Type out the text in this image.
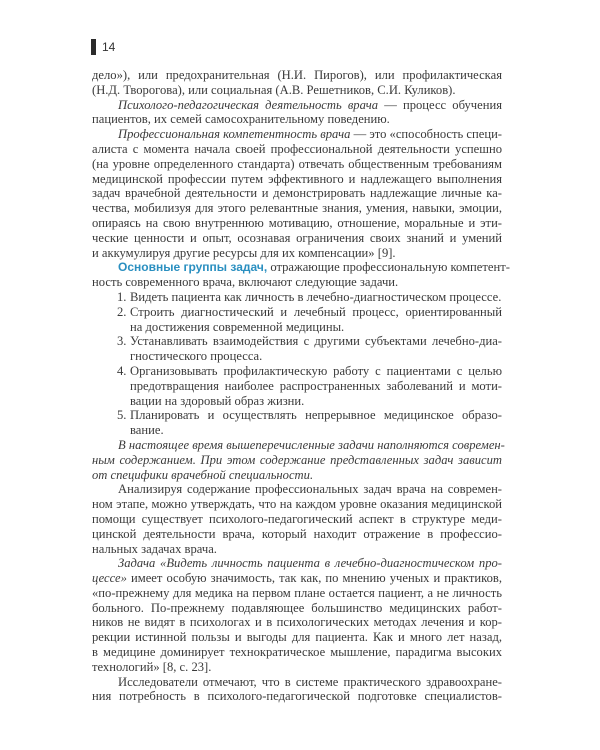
14
дело»), или предохранительная (Н.И. Пирогов), или профилактическая
(Н.Д. Творогова), или социальная (А.В. Решетников, С.И. Куликов).
Психолого-педагогическая деятельность врача — процесс обучения
пациентов, их семей самосохранительному поведению.
Профессиональная компетентность врача — это «способность специ-
алиста с момента начала своей профессиональной деятельности успешно
(на уровне определенного стандарта) отвечать общественным требованиям
медицинской профессии путем эффективного и надлежащего выполнения
задач врачебной деятельности и демонстрировать надлежащие личные ка-
чества, мобилизуя для этого релевантные знания, умения, навыки, эмоции,
опираясь на свою внутреннюю мотивацию, отношение, моральные и эти-
ческие ценности и опыт, осознавая ограничения своих знаний и умений
и аккумулируя другие ресурсы для их компенсации» [9].
Основные группы задач, отражающие профессиональную компетент-
ность современного врача, включают следующие задачи.
1. Видеть пациента как личность в лечебно-диагностическом процессе.
2. Строить диагностический и лечебный процесс, ориентированный
на достижения современной медицины.
3. Устанавливать взаимодействия с другими субъектами лечебно-диа-
гностического процесса.
4. Организовывать профилактическую работу с пациентами с целью
предотвращения наиболее распространенных заболеваний и моти-
вации на здоровый образ жизни.
5. Планировать и осуществлять непрерывное медицинское образо-
вание.
В настоящее время вышеперечисленные задачи наполняются современ-
ным содержанием. При этом содержание представленных задач зависит
от специфики врачебной специальности.
Анализируя содержание профессиональных задач врача на современ-
ном этапе, можно утверждать, что на каждом уровне оказания медицинской
помощи существует психолого-педагогический аспект в структуре меди-
цинской деятельности врача, который находит отражение в профессио-
нальных задачах врача.
Задача «Видеть личность пациента в лечебно-диагностическом про-
цессе» имеет особую значимость, так как, по мнению ученых и практиков,
«по-прежнему для медика на первом плане остается пациент, а не личность
больного. По-прежнему подавляющее большинство медицинских работ-
ников не видят в психологах и в психологических методах лечения и кор-
рекции истинной пользы и выгоды для пациента. Как и много лет назад,
в медицине доминирует технократическое мышление, парадигма высоких
технологий» [8, с. 23].
Исследователи отмечают, что в системе практического здравоохране-
ния потребность в психолого-педагогической подготовке специалистов-
